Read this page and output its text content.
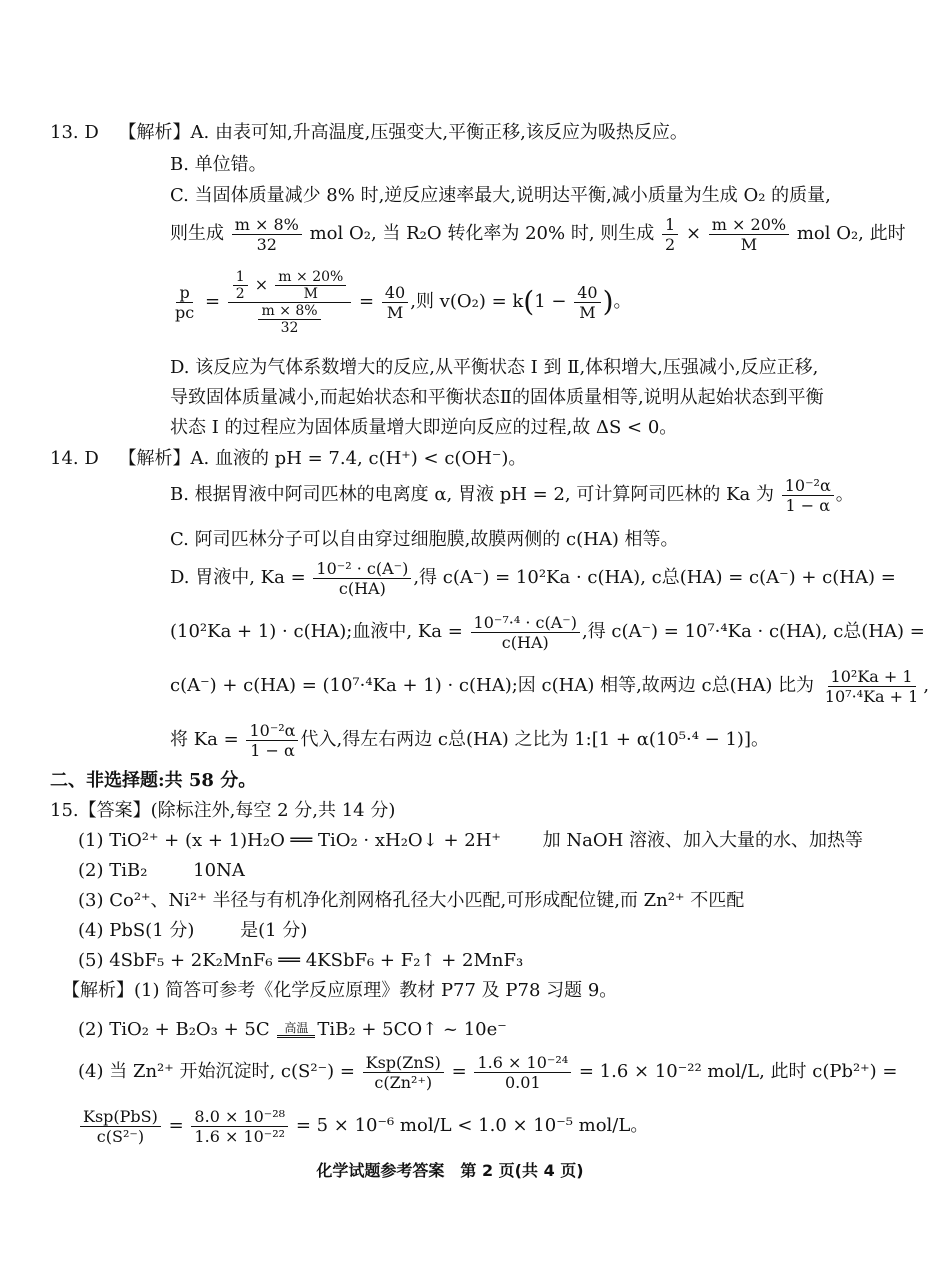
13. D 【解析】A. 由表可知,升高温度,压强变大,平衡正移,该反应为吸热反应。
B. 单位错。
C. 当固体质量减少 8% 时,逆反应速率最大,说明达平衡,减小质量为生成 O₂ 的质量,
则生成 $\frac{m \times 8\%}{32}$ mol O₂, 当 R₂O 转化率为 20% 时, 则生成 $\frac{1}{2} \times \frac{m \times 20\%}{M}$ mol O₂, 此时
$\frac{p}{pc} = \frac{\frac{1}{2} \times \frac{m \times 20\%}{M}}{\frac{m \times 8\%}{32}} = \frac{40}{M}$ ,则 $v(O_2) = k(1 - \frac{40}{M}$ )。
D. 该反应为气体系数增大的反应,从平衡状态 Ⅰ 到 Ⅱ,体积增大,压强减小,反应正移,
导致固体质量减小,而起始状态和平衡状态Ⅱ的固体质量相等,说明从起始状态到平衡
状态 Ⅰ 的过程应为固体质量增大即逆向反应的过程,故 ΔS < 0。
14. D 【解析】A. 血液的 pH = 7.4, c(H⁺) < c(OH⁻)。
B. 根据胃液中阿司匹林的电离度 α, 胃液 pH = 2, 可计算阿司匹林的 Ka 为 $\frac{\text{10⁻²α}}{1 - \alpha}$ 。
C. 阿司匹林分子可以自由穿过细胞膜,故膜两侧的 c(HA) 相等。
D. 胃液中, $Ka = \frac{\text{10⁻² · c(A⁻)}}{c(HA)}$ ,得 c(A⁻) = 10²Ka · c(HA), c总(HA) = c(A⁻) + c(HA) =
(10²Ka + 1) · c(HA);血液中, $Ka = \frac{\text{10⁻⁷·⁴ · c(A⁻)}}{c(HA)}$ ,得 c(A⁻) = 10⁷·⁴Ka · c(HA), c总(HA) =
c(A⁻) + c(HA) = (10⁷·⁴Ka + 1) · c(HA);因 c(HA) 相等,故两边 c总(HA) 比为 $\frac{\text{10²Ka + 1}}{\text{10⁷·⁴Ka + 1}}$ ,
将 $Ka = \frac{\text{10⁻²α}}{1 - \alpha}$ 代入,得左右两边 c总(HA) 之比为 1:[1 + α(10⁵·⁴ − 1)]。
二、非选择题:共 58 分。
15.【答案】(除标注外,每空 2 分,共 14 分)
(1) TiO²⁺ + (x + 1)H₂O ══ TiO₂ · xH₂O↓ + 2H⁺ 加 NaOH 溶液、加入大量的水、加热等
(2) TiB₂	10NA
(3) Co²⁺、Ni²⁺ 半径与有机净化剂网格孔径大小匹配,可形成配位键,而 Zn²⁺ 不匹配
(4) PbS(1 分)	是(1 分)
(5) 4SbF₅ + 2K₂MnF₆ ══ 4KSbF₆ + F₂↑ + 2MnF₃
【解析】(1) 简答可参考《化学反应原理》教材 P77 及 P78 习题 9。
(2) TiO₂ + B₂O₃ + 5C 高温 TiB₂ + 5CO↑ ~ 10e⁻
(4) 当 Zn²⁺ 开始沉淀时, $c(S^{2-}) = \frac{\text{Ksp(ZnS)}}{\text{c(Zn²⁺)}} = \frac{\text{1.6 × 10⁻²⁴}}{0.01} = 1.6 \times 10^{-22}$ mol/L, 此时 c(Pb²⁺) =
$\frac{\text{Ksp(PbS)}}{\text{c(S²⁻)}} = \frac{\text{8.0 × 10⁻²⁸}}{\text{1.6 × 10⁻²²}} = 5 \times 10^{-6}$ mol/L < 1.0 × 10⁻⁵ mol/L。
化学试题参考答案　第 2 页(共 4 页)
